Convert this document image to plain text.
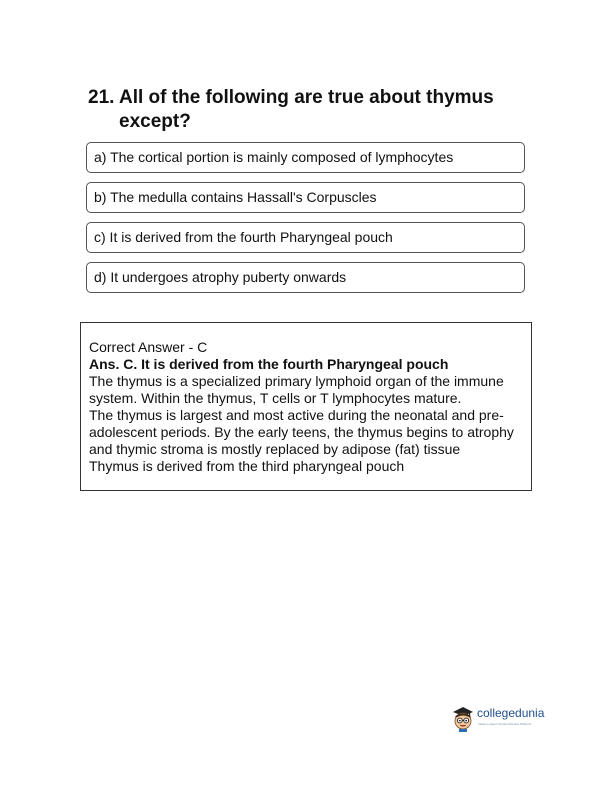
21. All of the following are true about thymus
except?
a) The cortical portion is mainly composed of lymphocytes
b) The medulla contains Hassall's Corpuscles
c) It is derived from the fourth Pharyngeal pouch
d) It undergoes atrophy puberty onwards
Correct Answer - C
Ans. C. It is derived from the fourth Pharyngeal pouch
The thymus is a specialized primary lymphoid organ of the immune
system. Within the thymus, T cells or T lymphocytes mature.
The thymus is largest and most active during the neonatal and pre-
adolescent periods. By the early teens, the thymus begins to atrophy
and thymic stroma is mostly replaced by adipose (fat) tissue
Thymus is derived from the third pharyngeal pouch
collegedunia
India's Largest Student Review Platform
